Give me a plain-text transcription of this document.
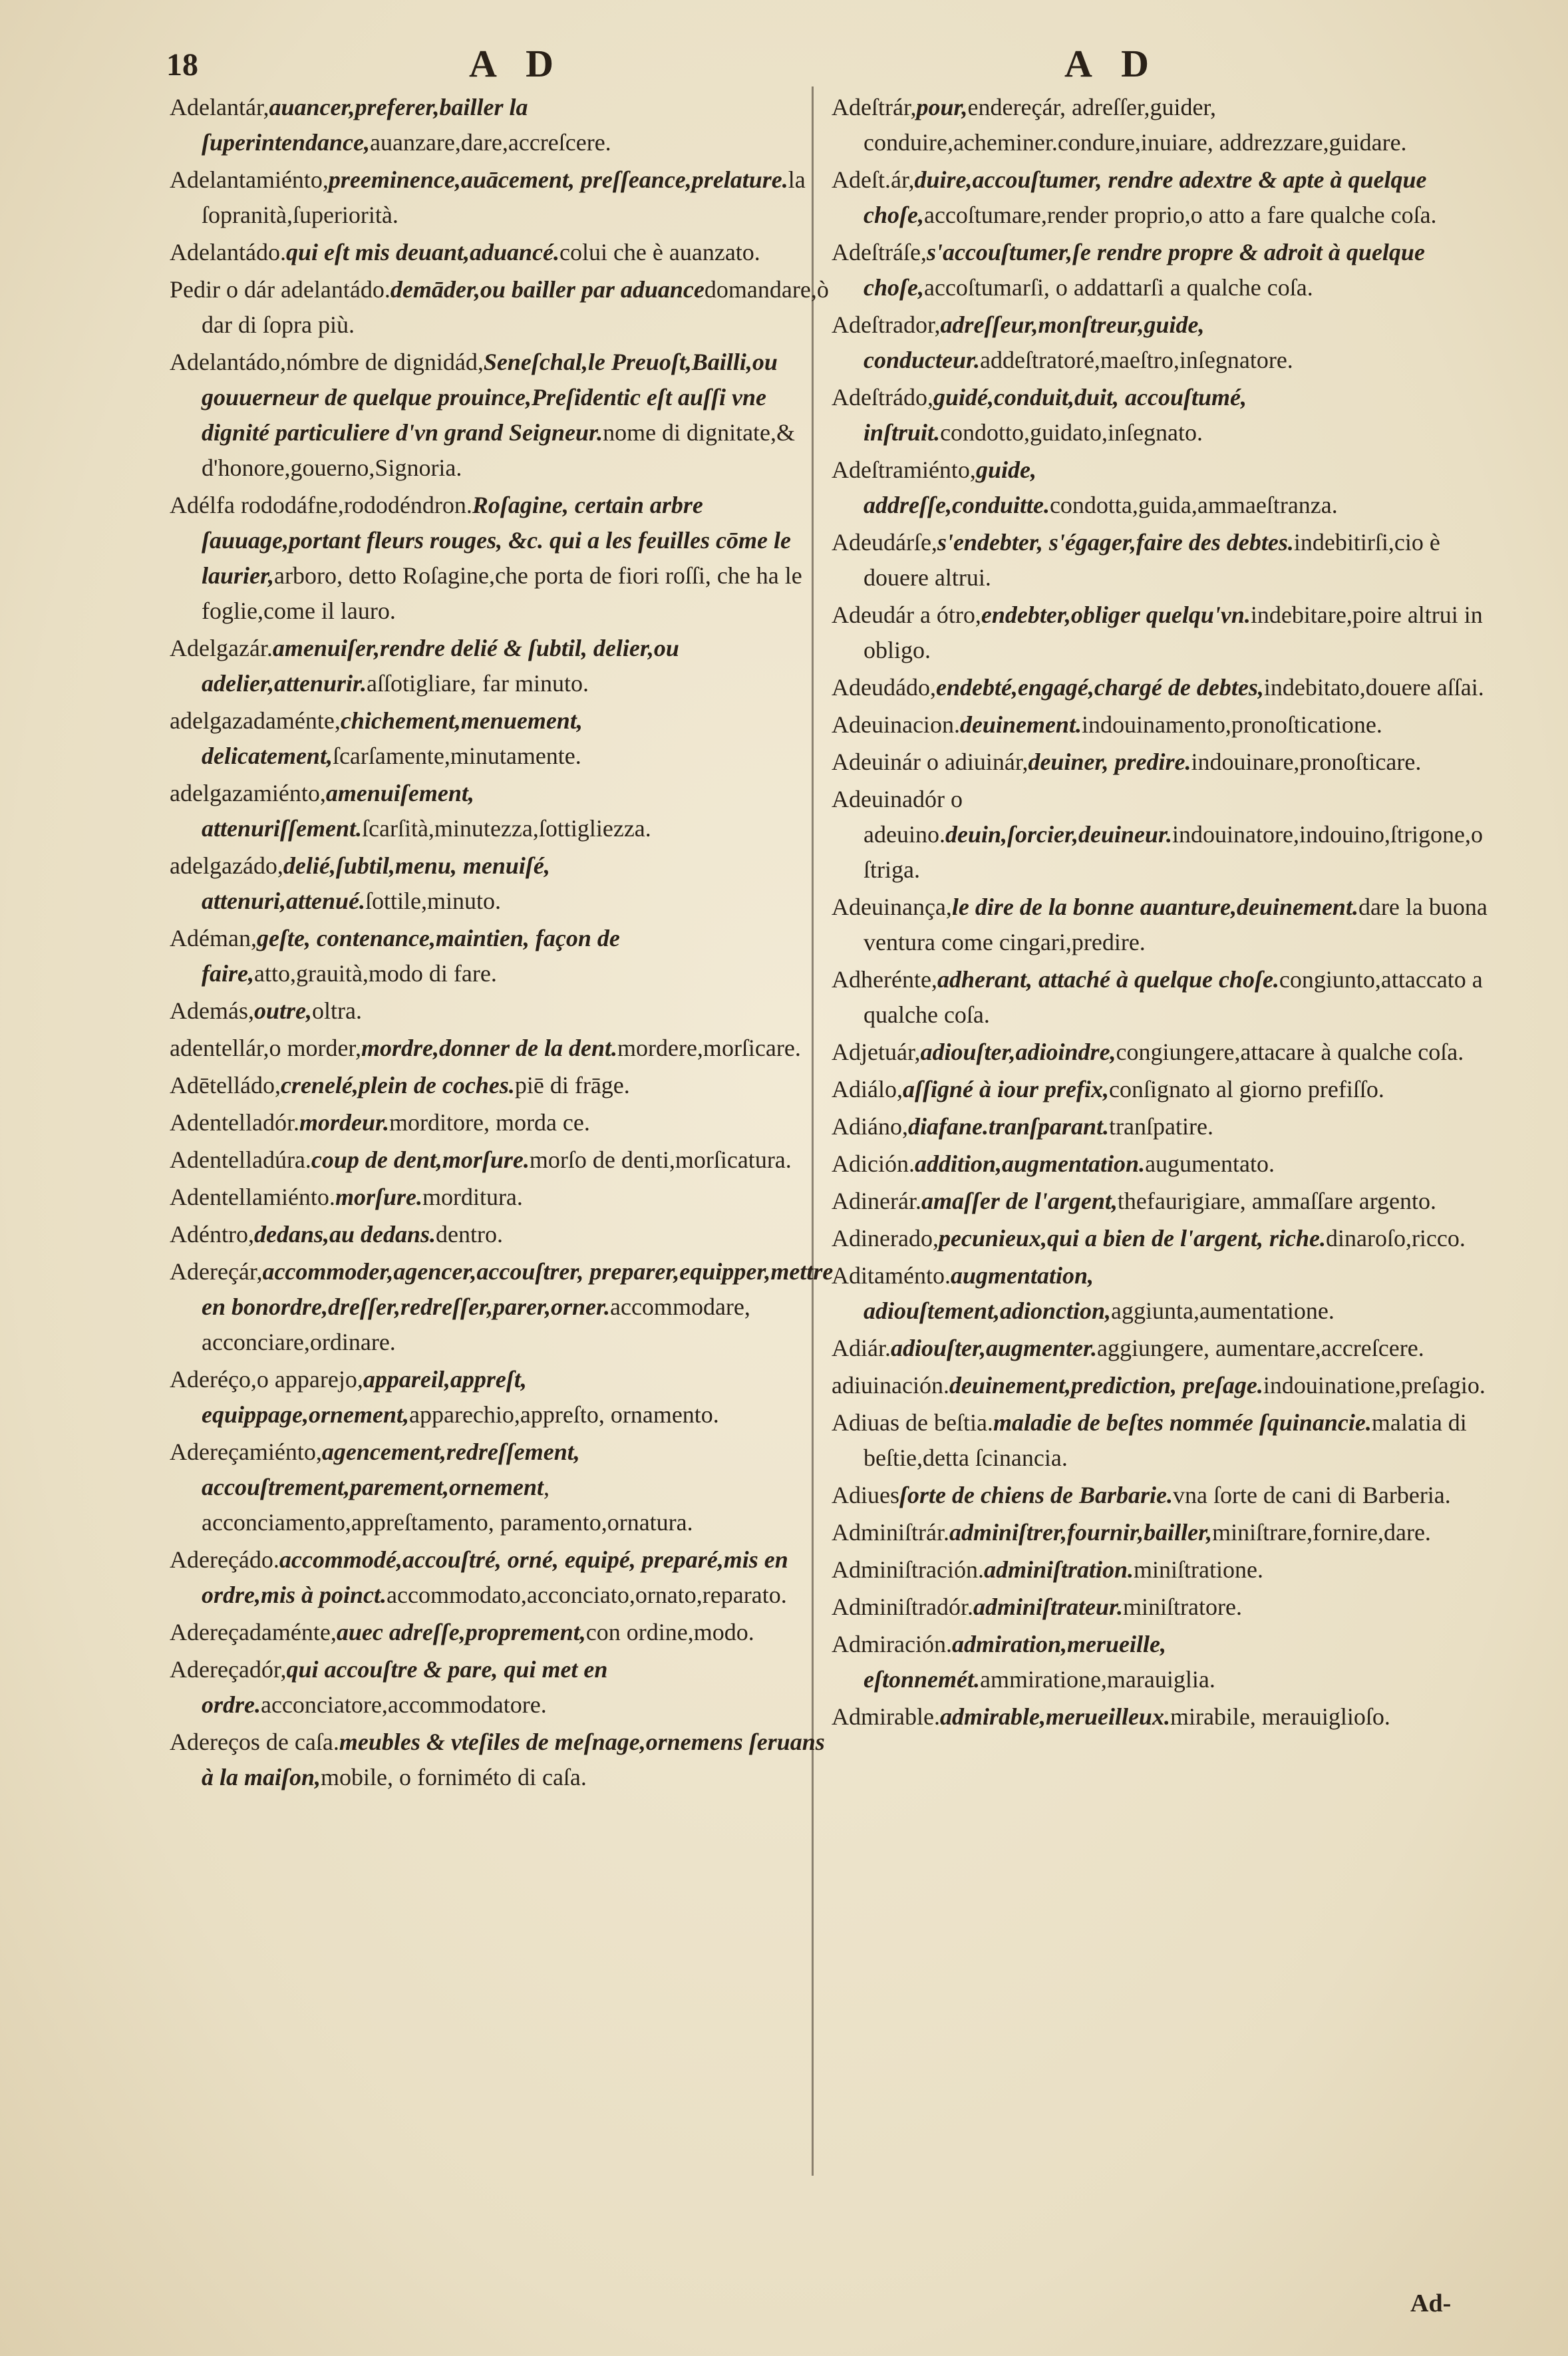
18	A D	A D
Adelantár,auancer,preferer,bailler la ſuperintendance,auanzare,dare,accreſcere.
Adelantamiénto,preeminence,auācement, preſſeance,prelature.la ſopranità,ſuperiorità.
Adelantádo.qui eſt mis deuant,aduancé.colui che è auanzato.
Pedir o dár adelantádo.demāder,ou bailler par aduancedomandare,ò dar di ſopra più.
Adelantádo,nómbre de dignidád,Seneſchal,le Preuoſt,Bailli,ou gouuerneur de quelque prouince,Preſidentic eſt auſſi vne dignité particuliere d'vn grand Seigneur.nome di dignitate,& d'honore,gouerno,Signoria.
Adélfa rododáfne,rododéndron.Roſagine, certain arbre ſauuage,portant fleurs rouges, &c. qui a les feuilles cōme le laurier,arboro, detto Roſagine,che porta de fiori roſſi, che ha le foglie,come il lauro.
Adelgazár.amenuiſer,rendre delié & ſubtil, delier,ou adelier,attenurir.aſſotigliare, far minuto.
adelgazadaménte,chichement,menuement, delicatement,ſcarſamente,minutamente.
adelgazamiénto,amenuiſement, attenuriſſement.ſcarſità,minutezza,ſottigliezza.
adelgazádo,delié,ſubtil,menu, menuiſé, attenuri,attenué.ſottile,minuto.
Adéman,geſte, contenance,maintien, façon de faire,atto,grauità,modo di fare.
Además,outre,oltra.
adentellár,o morder,mordre,donner de la dent.mordere,morſicare.
Adētelládo,crenelé,plein de coches.piē di frāge.
Adentelladór.mordeur.morditore, morda ce.
Adentelladúra.coup de dent,morſure.morſo de denti,morſicatura.
Adentellamiénto.morſure.morditura.
Adéntro,dedans,au dedans.dentro.
Adereçár,accommoder,agencer,accouſtrer, preparer,equipper,mettre en bonordre,dreſſer,redreſſer,parer,orner.accommodare, acconciare,ordinare.
Aderéço,o apparejo,appareil,appreſt, equippage,ornement,apparechio,appreſto, ornamento.
Adereçamiénto,agencement,redreſſement, accouſtrement,parement,ornement, acconciamento,appreſtamento, paramento,ornatura.
Adereçádo.accommodé,accouſtré, orné, equipé, preparé,mis en ordre,mis à poinct.accommodato,acconciato,ornato,reparato.
Adereçadaménte,auec adreſſe,proprement,con ordine,modo.
Adereçadór,qui accouſtre & pare, qui met en ordre.acconciatore,accommodatore.
Adereços de caſa.meubles & vteſiles de meſnage,ornemens ſeruans à la maiſon,mobile, o forniméto di caſa.
Adeſtrár,pour,endereçár, adreſſer,guider, conduire,acheminer.condure,inuiare, addrezzare,guidare.
Adeſt.ár,duire,accouſtumer, rendre adextre & apte à quelque choſe,accoſtumare,render proprio,o atto a fare qualche coſa.
Adeſtráſe,s'accouſtumer,ſe rendre propre & adroit à quelque choſe,accoſtumarſi, o addattarſi a qualche coſa.
Adeſtrador,adreſſeur,monſtreur,guide, conducteur.addeſtratoré,maeſtro,inſegnatore.
Adeſtrádo,guidé,conduit,duit, accouſtumé, inſtruit.condotto,guidato,inſegnato.
Adeſtramiénto,guide, addreſſe,conduitte.condotta,guida,ammaeſtranza.
Adeudárſe,s'endebter, s'égager,faire des debtes.indebitirſi,cio è douere altrui.
Adeudár a ótro,endebter,obliger quelqu'vn.indebitare,poire altrui in obligo.
Adeudádo,endebté,engagé,chargé de debtes,indebitato,douere aſſai.
Adeuinacion.deuinement.indouinamento,pronoſticatione.
Adeuinár o adiuinár,deuiner, predire.indouinare,pronoſticare.
Adeuinadór o adeuino.deuin,ſorcier,deuineur.indouinatore,indouino,ſtrigone,o ſtriga.
Adeuinança,le dire de la bonne auanture,deuinement.dare la buona ventura come cingari,predire.
Adherénte,adherant, attaché à quelque choſe.congiunto,attaccato a qualche coſa.
Adjetuár,adiouſter,adioindre,congiungere,attacare à qualche coſa.
Adiálo,aſſigné à iour prefix,conſignato al giorno prefiſſo.
Adiáno,diafane.tranſparant.tranſpatire.
Adición.addition,augmentation.augumentato.
Adinerár.amaſſer de l'argent,thefaurigiare, ammaſſare argento.
Adinerado,pecunieux,qui a bien de l'argent, riche.dinaroſo,ricco.
Aditaménto.augmentation, adiouſtement,adionction,aggiunta,aumentatione.
Adiár.adiouſter,augmenter.aggiungere, aumentare,accreſcere.
adiuinación.deuinement,prediction, preſage.indouinatione,preſagio.
Adiuas de beſtia.maladie de beſtes nommée ſquinancie.malatia di beſtie,detta ſcinancia.
Adiuesſorte de chiens de Barbarie.vna ſorte de cani di Barberia.
Adminiſtrár.adminiſtrer,fournir,bailler,miniſtrare,fornire,dare.
Adminiſtración.adminiſtration.miniſtratione.
Adminiſtradór.adminiſtrateur.miniſtratore.
Admiración.admiration,merueille, eſtonnemét.ammiratione,marauiglia.
Admirable.admirable,merueilleux.mirabile, merauiglioſo.
Ad-
